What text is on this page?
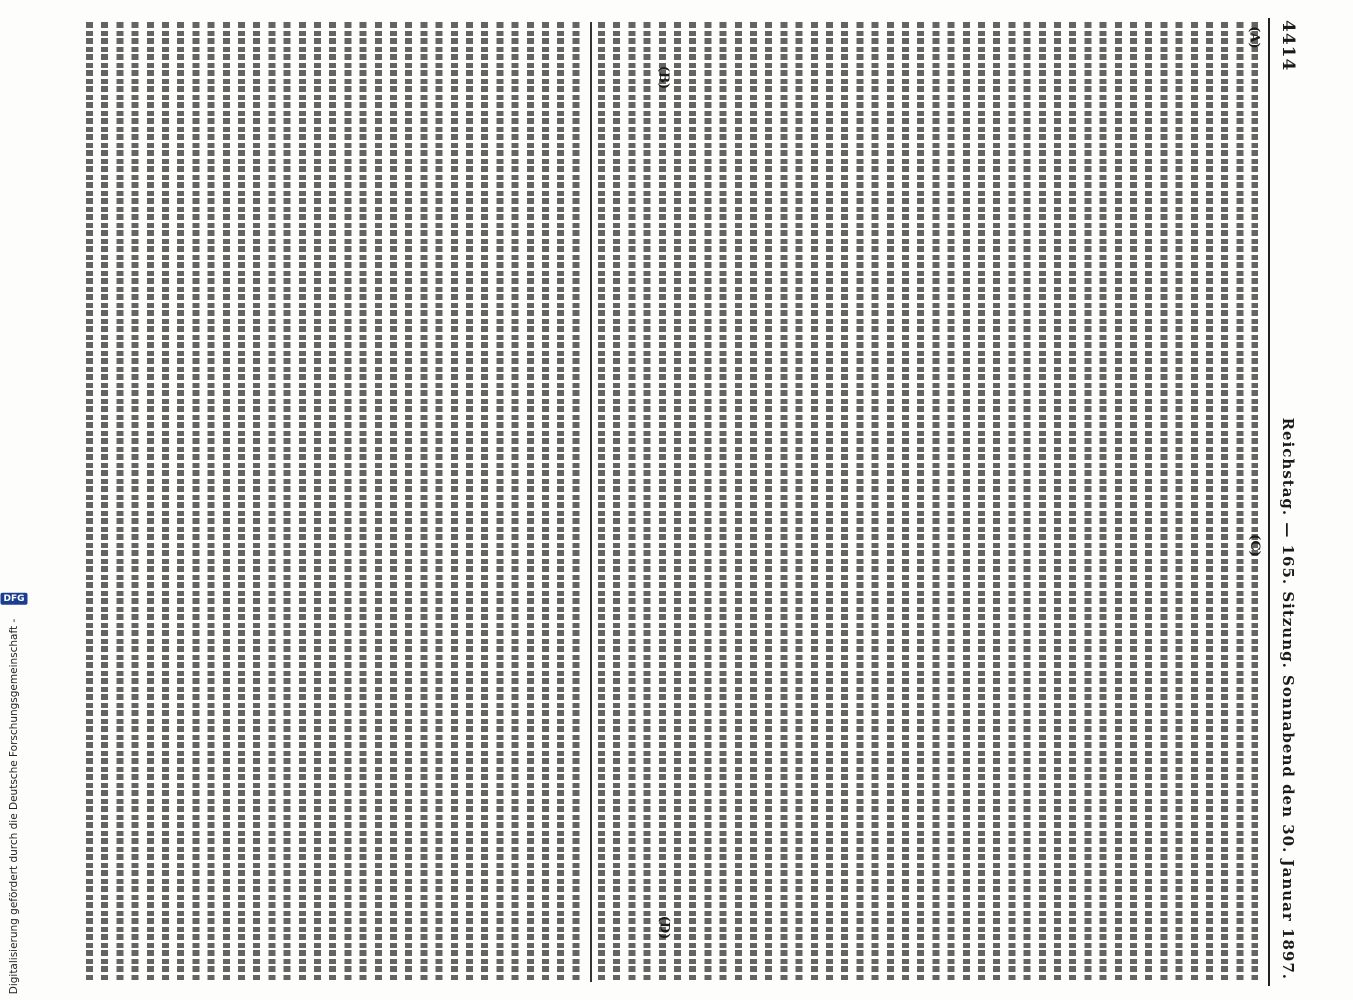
4414
Reichstag. — 165. Sitzung. Sonnabend den 30. Januar 1897.
(A)
(B)
(C)
(D)
Digitalisierung gefördert durch die Deutsche Forschungsgemeinschaft -
DFG
